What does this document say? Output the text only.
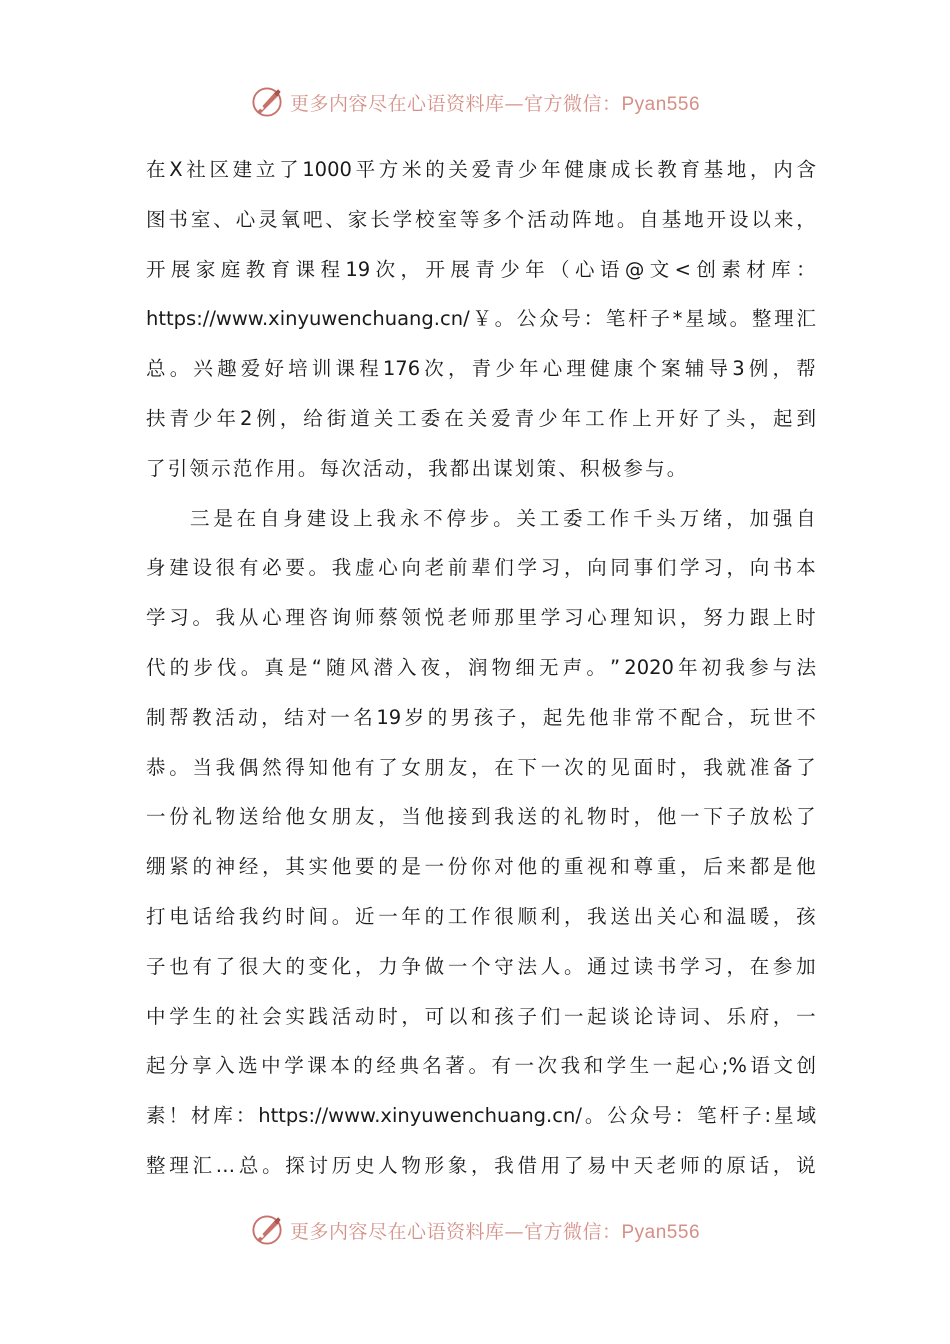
更多内容尽在心语资料库—官方微信：Pyan556
在 X 社 区 建 立 了 1000 平 方 米 的 关 爱 青 少 年 健 康 成 长 教 育 基 地 ， 内 含
图 书 室 、 心 灵 氧 吧 、 家 长 学 校 室 等 多 个 活 动 阵 地 。 自 基 地 开 设 以 来 ，
开 展 家 庭 教 育 课 程 19 次 ， 开 展 青 少 年 （ 心 语 @ 文 < 创 素 材 库 ：
https://www.xinyuwenchuang.cn/ ￥ 。 公 众 号 ： 笔 杆 子 * 星 域 。 整 理 汇
总 。 兴 趣 爱 好 培 训 课 程 176 次 ， 青 少 年 心 理 健 康 个 案 辅 导 3 例 ， 帮
扶 青 少 年 2 例 ， 给 街 道 关 工 委 在 关 爱 青 少 年 工 作 上 开 好 了 头 ， 起 到
了引领示范作用。每次活动，我都出谋划策、积极参与。
三 是 在 自 身 建 设 上 我 永 不 停 步 。 关 工 委 工 作 千 头 万 绪 ， 加 强 自
身 建 设 很 有 必 要 。 我 虚 心 向 老 前 辈 们 学 习 ， 向 同 事 们 学 习 ， 向 书 本
学 习 。 我 从 心 理 咨 询 师 蔡 领 悦 老 师 那 里 学 习 心 理 知 识 ， 努 力 跟 上 时
代 的 步 伐 。 真 是 “ 随 风 潜 入 夜 ， 润 物 细 无 声 。 ” 2020 年 初 我 参 与 法
制 帮 教 活 动 ， 结 对 一 名 19 岁 的 男 孩 子 ， 起 先 他 非 常 不 配 合 ， 玩 世 不
恭 。 当 我 偶 然 得 知 他 有 了 女 朋 友 ， 在 下 一 次 的 见 面 时 ， 我 就 准 备 了
一 份 礼 物 送 给 他 女 朋 友 ， 当 他 接 到 我 送 的 礼 物 时 ， 他 一 下 子 放 松 了
绷 紧 的 神 经 ， 其 实 他 要 的 是 一 份 你 对 他 的 重 视 和 尊 重 ， 后 来 都 是 他
打 电 话 给 我 约 时 间 。 近 一 年 的 工 作 很 顺 利 ， 我 送 出 关 心 和 温 暖 ， 孩
子 也 有 了 很 大 的 变 化 ， 力 争 做 一 个 守 法 人 。 通 过 读 书 学 习 ， 在 参 加
中 学 生 的 社 会 实 践 活 动 时 ， 可 以 和 孩 子 们 一 起 谈 论 诗 词 、 乐 府 ， 一
起 分 享 入 选 中 学 课 本 的 经 典 名 著 。 有 一 次 我 和 学 生 一 起 心 ;% 语 文 创
素 ！ 材 库 ： https://www.xinyuwenchuang.cn/ 。 公 众 号 ： 笔 杆 子 : 星 域
整 理 汇 … 总 。 探 讨 历 史 人 物 形 象 ， 我 借 用 了 易 中 天 老 师 的 原 话 ， 说
更多内容尽在心语资料库—官方微信：Pyan556
